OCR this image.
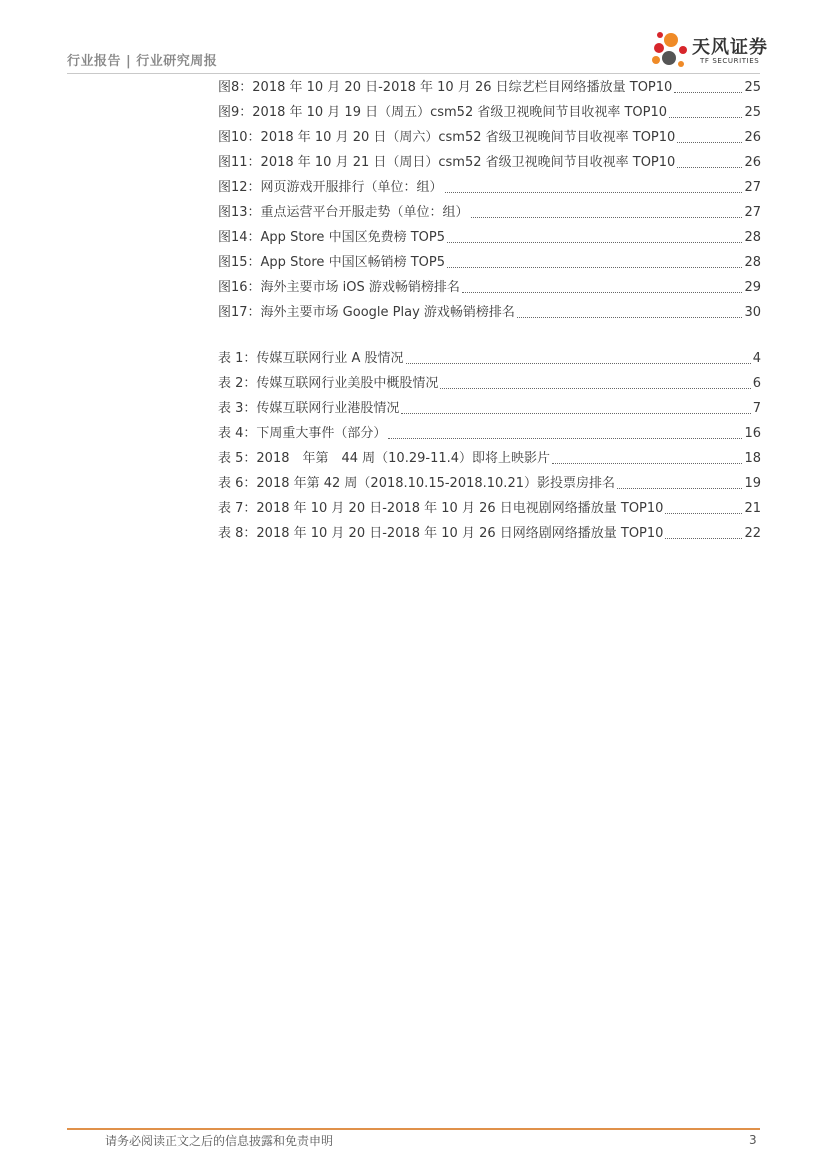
行业报告 | 行业研究周报
天风证券
TF SECURITIES
图8：2018 年 10 月 20 日-2018 年 10 月 26 日综艺栏目网络播放量 TOP10	25
图9：2018 年 10 月 19 日（周五）csm52 省级卫视晚间节目收视率 TOP10	25
图10：2018 年 10 月 20 日（周六）csm52 省级卫视晚间节目收视率 TOP10	26
图11：2018 年 10 月 21 日（周日）csm52 省级卫视晚间节目收视率 TOP10	26
图12：网页游戏开服排行（单位：组）	27
图13：重点运营平台开服走势（单位：组）	27
图14：App Store 中国区免费榜 TOP5	28
图15：App Store 中国区畅销榜 TOP5	28
图16：海外主要市场 iOS 游戏畅销榜排名	29
图17：海外主要市场 Google Play 游戏畅销榜排名	30
表 1：传媒互联网行业 A 股情况	4
表 2：传媒互联网行业美股中概股情况	6
表 3：传媒互联网行业港股情况	7
表 4：下周重大事件（部分）	16
表 5：2018　年第　44 周（10.29-11.4）即将上映影片	18
表 6：2018 年第 42 周（2018.10.15-2018.10.21）影投票房排名	19
表 7：2018 年 10 月 20 日-2018 年 10 月 26 日电视剧网络播放量 TOP10	21
表 8：2018 年 10 月 20 日-2018 年 10 月 26 日网络剧网络播放量 TOP10	22
请务必阅读正文之后的信息披露和免责申明	3
